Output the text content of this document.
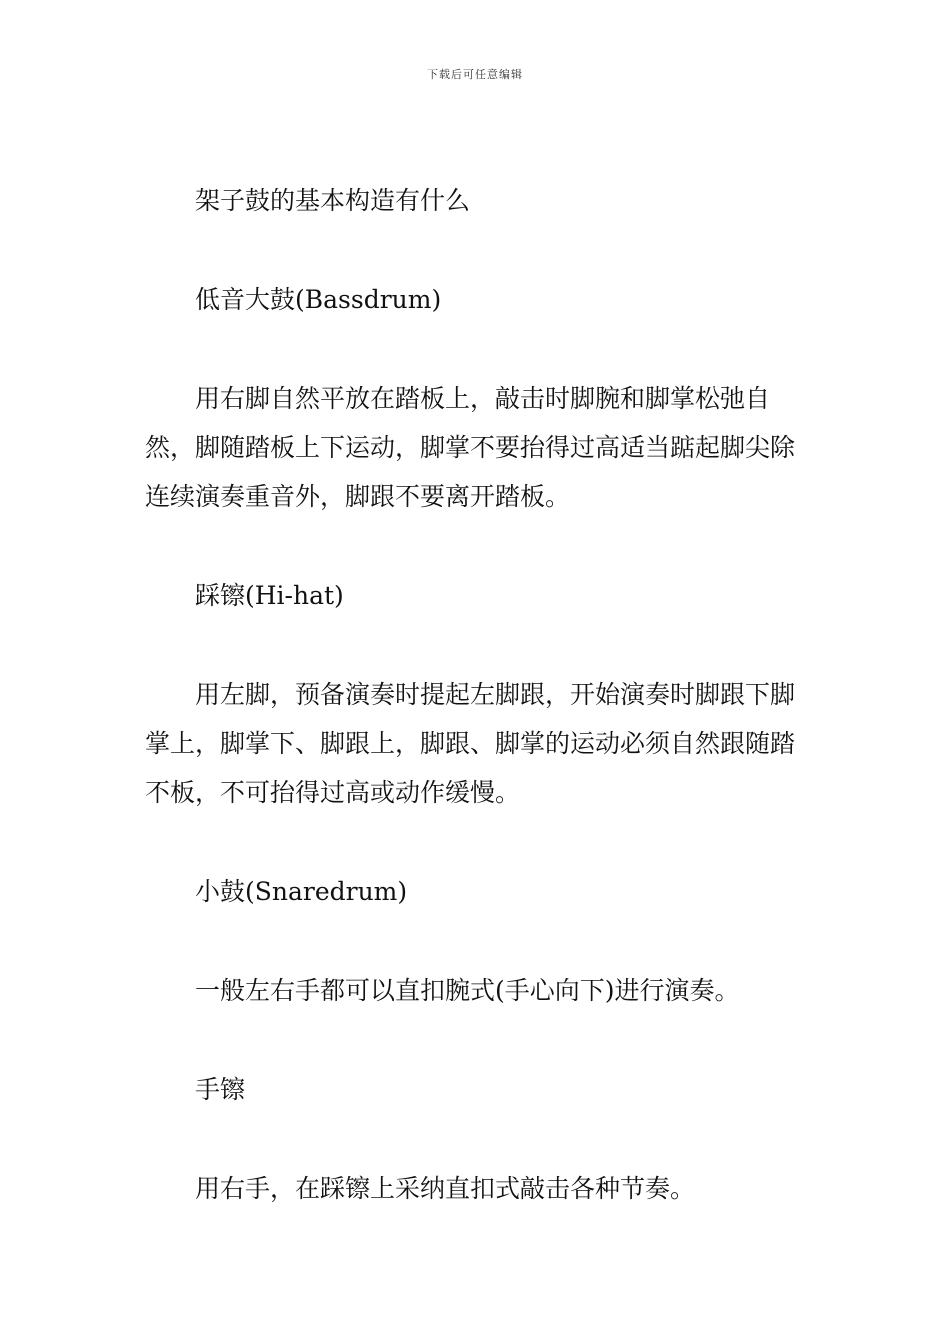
下载后可任意编辑

架子鼓的基本构造有什么

低音大鼓(Bassdrum)

用右脚自然平放在踏板上，敲击时脚腕和脚掌松弛自然，脚随踏板上下运动，脚掌不要抬得过高适当踮起脚尖除连续演奏重音外，脚跟不要离开踏板。

踩镲(Hi-hat)

用左脚，预备演奏时提起左脚跟，开始演奏时脚跟下脚掌上，脚掌下、脚跟上，脚跟、脚掌的运动必须自然跟随踏不板，不可抬得过高或动作缓慢。

小鼓(Snaredrum)

一般左右手都可以直扣腕式(手心向下)进行演奏。

手镲

用右手，在踩镲上采纳直扣式敲击各种节奏。
